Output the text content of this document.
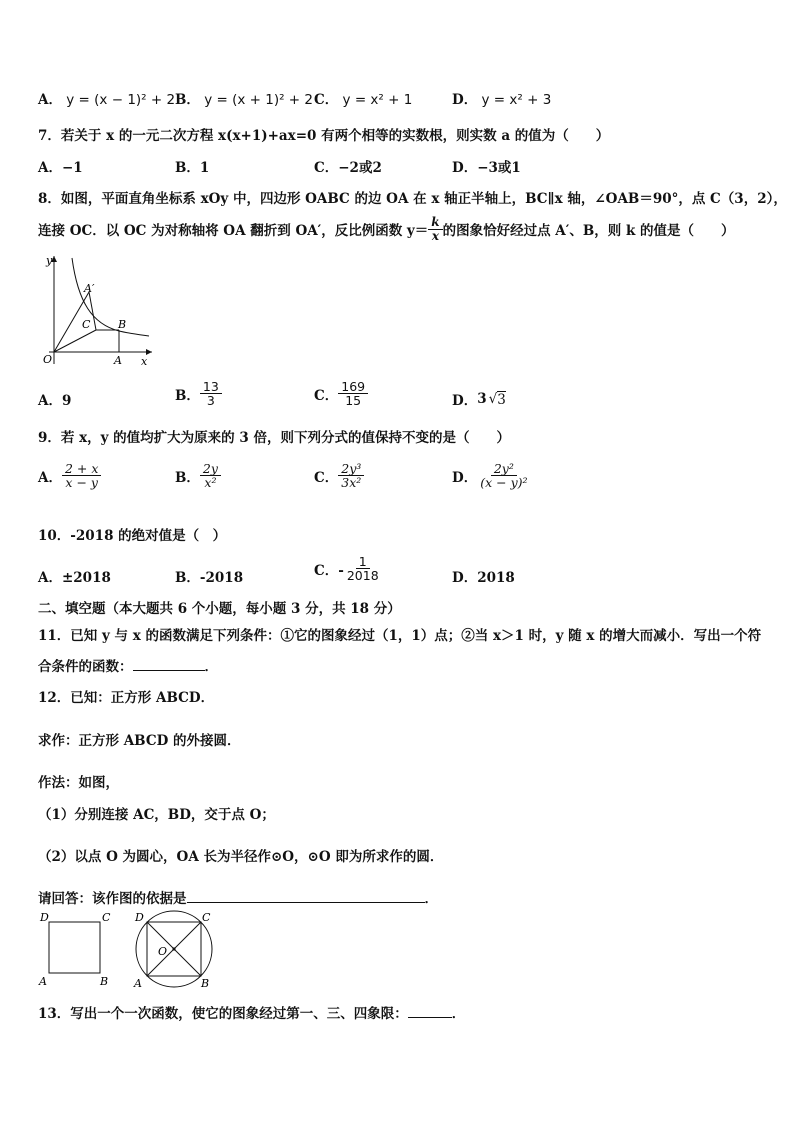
A． y = (x − 1)² + 2 B． y = (x + 1)² + 2 C． y = x² + 1	D． y = x² + 3
7．若关于 x 的一元二次方程 x(x+1)+ax=0 有两个相等的实数根，则实数 a 的值为（　　）
A．−1	B．1	C．−2或2	D．−3或1
8．如图，平面直角坐标系 xOy 中，四边形 OABC 的边 OA 在 x 轴正半轴上，BC∥x 轴，∠OAB＝90°，点 C（3，2），
连接 OC．以 OC 为对称轴将 OA 翻折到 OA′，反比例函数 $y= \frac{k}{x}$ 的图象恰好经过点 A′、B，则 k 的值是（　　）
y
x
O	A
B
C
A′
A．9	B． $\frac{13}{3}$	C． $\frac{169}{15}$	D． 3 √ 3
9．若 x，y 的值均扩大为原来的 3 倍，则下列分式的值保持不变的是（　　）
A． $\frac{2 + x}{x - y}$	B． $\frac{2y}{\text{x²}}$	C． $\frac{\text{2y³}}{\text{3x²}}$	D． $\frac{\text{2y²}}{\text{(x − y)²}}$
10．-2018 的绝对值是（　）
A．±2018	B．-2018	C．- $\frac{1}{2018}$	D．2018
二、填空题（本大题共 6 个小题，每小题 3 分，共 18 分）
11．已知 y 与 x 的函数满足下列条件：①它的图象经过（1，1）点；②当 x＞1 时，y 随 x 的增大而减小．写出一个符
合条件的函数：	．
12．已知：正方形 ABCD．
求作：正方形 ABCD 的外接圆．
作法：如图，
（1）分别连接 AC，BD，交于点 O；
（2）以点 O 为圆心，OA 长为半径作⊙O，⊙O 即为所求作的圆．
请回答：该作图的依据是	．
D	C
A	B
D	C
A	B
O
13．写出一个一次函数，使它的图象经过第一、三、四象限：	．
